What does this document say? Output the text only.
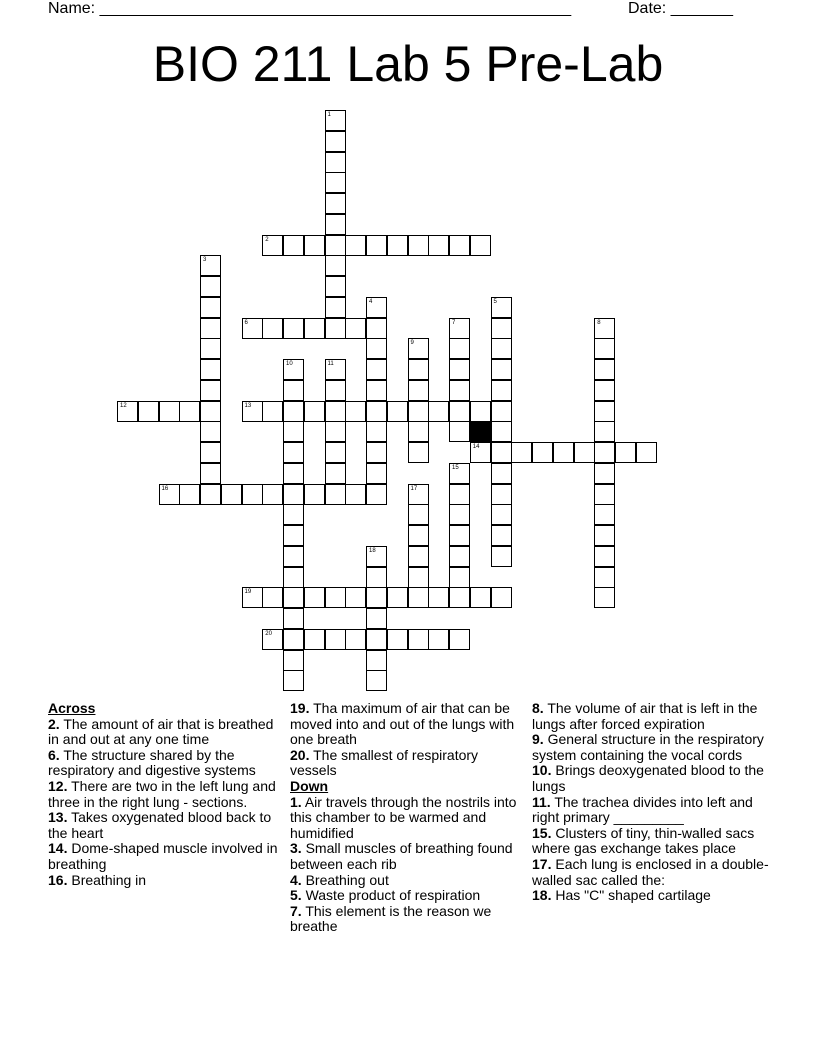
Name: _____________________________________________________	Date: _______
BIO 211 Lab 5 Pre-Lab
1
2
3
4	5
6	7	8
9
10	11
12	13
14
15
16	17
18
19
20

Across

2. The amount of air that is breathed in and out at any one time

6. The structure shared by the respiratory and digestive systems

12. There are two in the left lung and three in the right lung - sections.

13. Takes oxygenated blood back to the heart

14. Dome-shaped muscle involved in breathing

16. Breathing in

19. Tha maximum of air that can be moved into and out of the lungs with one breath

20. The smallest of respiratory vessels

Down

1. Air travels through the nostrils into this chamber to be warmed and humidified

3. Small muscles of breathing found between each rib

4. Breathing out

5. Waste product of respiration

7. This element is the reason we breathe

8. The volume of air that is left in the lungs after forced expiration

9. General structure in the respiratory system containing the vocal cords

10. Brings deoxygenated blood to the lungs

11. The trachea divides into left and right primary _________

15. Clusters of tiny, thin-walled sacs where gas exchange takes place

17. Each lung is enclosed in a double-walled sac called the:

18. Has "C" shaped cartilage
